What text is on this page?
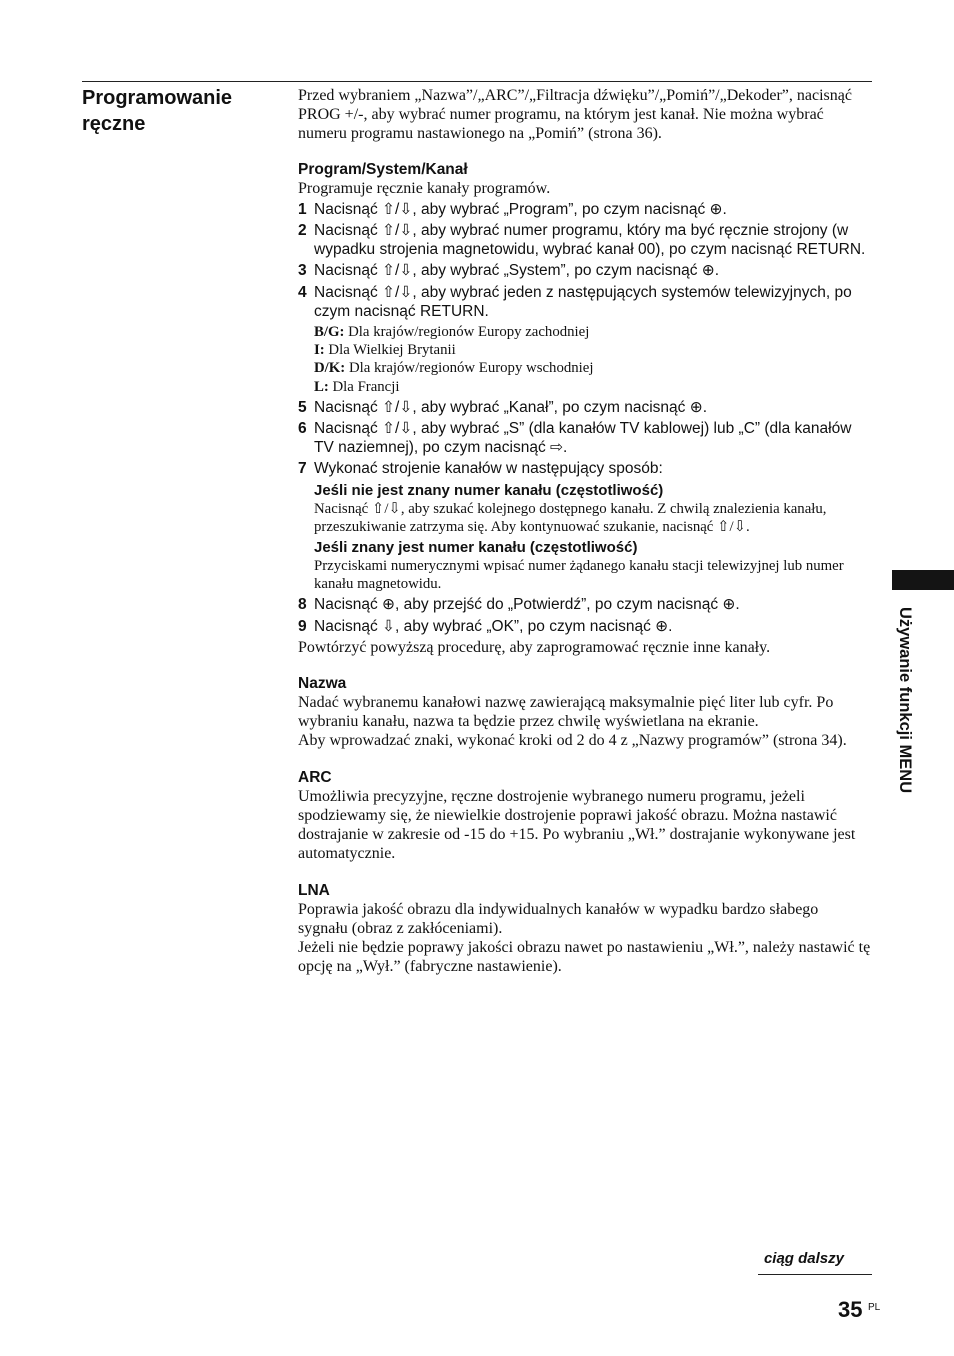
Programowanie ręczne

Przed wybraniem „Nazwa”/„ARC”/„Filtracja dźwięku”/„Pomiń”/„Dekoder”, nacisnąć PROG +/-, aby wybrać numer programu, na którym jest kanał. Nie można wybrać numeru programu nastawionego na „Pomiń” (strona 36).

Program/System/Kanał

Programuje ręcznie kanały programów.

1 Nacisnąć ⇧/⇩, aby wybrać „Program”, po czym nacisnąć ⊕.
2 Nacisnąć ⇧/⇩, aby wybrać numer programu, który ma być ręcznie strojony (w wypadku strojenia magnetowidu, wybrać kanał 00), po czym nacisnąć RETURN.
3 Nacisnąć ⇧/⇩, aby wybrać „System”, po czym nacisnąć ⊕.
4 Nacisnąć ⇧/⇩, aby wybrać jeden z następujących systemów telewizyjnych, po czym nacisnąć RETURN.
B/G: Dla krajów/regionów Europy zachodniej
I: Dla Wielkiej Brytanii
D/K: Dla krajów/regionów Europy wschodniej
L: Dla Francji
5 Nacisnąć ⇧/⇩, aby wybrać „Kanał”, po czym nacisnąć ⊕.
6 Nacisnąć ⇧/⇩, aby wybrać „S” (dla kanałów TV kablowej) lub „C” (dla kanałów TV naziemnej), po czym nacisnąć ⇨.
7 Wykonać strojenie kanałów w następujący sposób:
Jeśli nie jest znany numer kanału (częstotliwość)
Nacisnąć ⇧/⇩, aby szukać kolejnego dostępnego kanału. Z chwilą znalezienia kanału, przeszukiwanie zatrzyma się. Aby kontynuować szukanie, nacisnąć ⇧/⇩.
Jeśli znany jest numer kanału (częstotliwość)
Przyciskami numerycznymi wpisać numer żądanego kanału stacji telewizyjnej lub numer kanału magnetowidu.
8 Nacisnąć ⊕, aby przejść do „Potwierdź”, po czym nacisnąć ⊕.
9 Nacisnąć ⇩, aby wybrać „OK”, po czym nacisnąć ⊕.

Powtórzyć powyższą procedurę, aby zaprogramować ręcznie inne kanały.

Nazwa

Nadać wybranemu kanałowi nazwę zawierającą maksymalnie pięć liter lub cyfr. Po wybraniu kanału, nazwa ta będzie przez chwilę wyświetlana na ekranie.

Aby wprowadzać znaki, wykonać kroki od 2 do 4 z „Nazwy programów” (strona 34).

ARC

Umożliwia precyzyjne, ręczne dostrojenie wybranego numeru programu, jeżeli spodziewamy się, że niewielkie dostrojenie poprawi jakość obrazu. Można nastawić dostrajanie w zakresie od -15 do +15. Po wybraniu „Wł.” dostrajanie wykonywane jest automatycznie.

LNA

Poprawia jakość obrazu dla indywidualnych kanałów w wypadku bardzo słabego sygnału (obraz z zakłóceniami).

Jeżeli nie będzie poprawy jakości obrazu nawet po nastawieniu „Wł.”, należy nastawić tę opcję na „Wył.” (fabryczne nastawienie).

Używanie funkcji MENU
ciąg dalszy
35 PL
